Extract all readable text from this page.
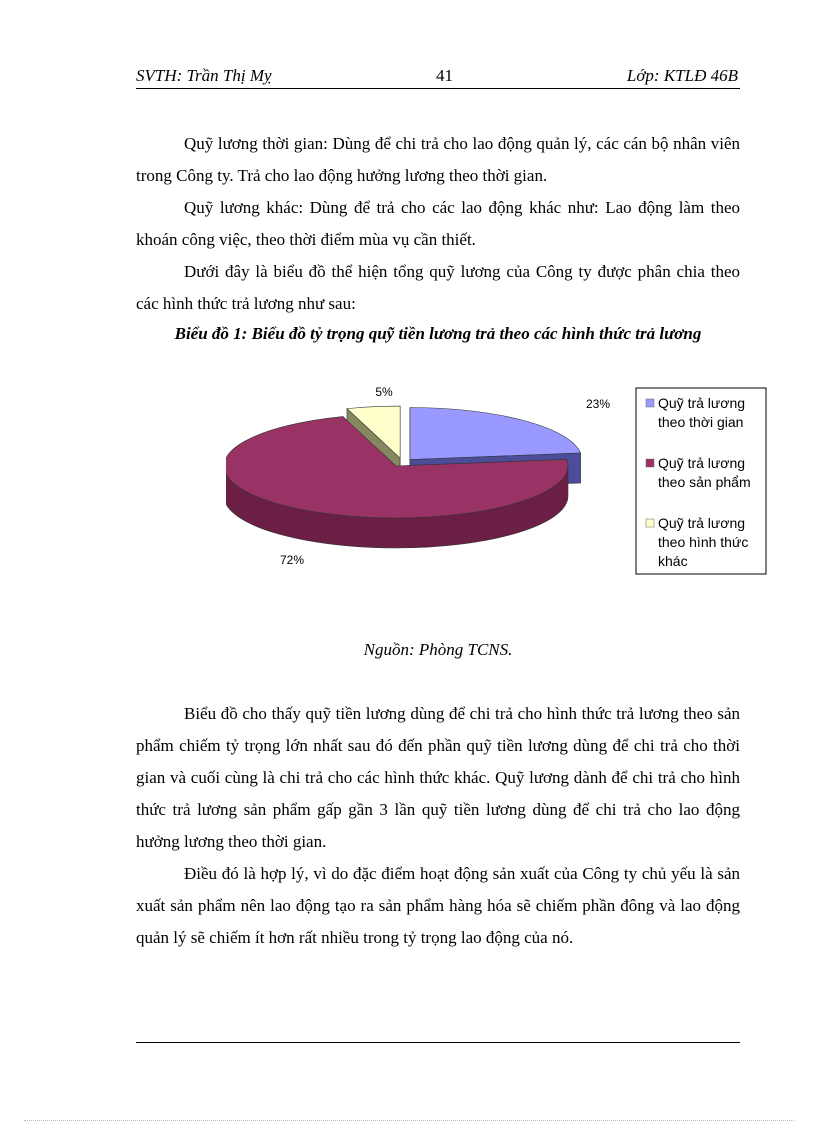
SVTH: Trần Thị Mỵ	41	Lớp: KTLĐ 46B

Quỹ lương thời gian: Dùng để chi trả cho lao động quản lý, các cán bộ nhân viên trong Công ty. Trả cho lao động hưởng lương theo thời gian.

Quỹ lương khác: Dùng để trả cho các lao động khác như: Lao động làm theo khoán công việc, theo thời điểm mùa vụ cần thiết.

Dưới đây là biểu đồ thể hiện tổng quỹ lương của Công ty được phân chia theo các hình thức trả lương như sau:

Biểu đồ 1: Biểu đồ tỷ trọng quỹ tiền lương trả theo các hình thức trả lương
23%
72%
5%
Quỹ trả lương
theo thời gian
Quỹ trả lương
theo sản phẩm
Quỹ trả lương
theo hình thức
khác
Nguồn: Phòng TCNS.

Biểu đồ cho thấy quỹ tiền lương dùng để chi trả cho hình thức trả lương theo sản phẩm chiếm tỷ trọng lớn nhất sau đó đến phần quỹ tiền lương dùng để chi trả cho thời gian và cuối cùng là chi trả cho các hình thức khác. Quỹ lương dành để chi trả cho hình thức trả lương sản phẩm gấp gần 3 lần quỹ tiền lương dùng để chi trả cho lao động hưởng lương theo thời gian.

Điều đó là hợp lý, vì do đặc điểm hoạt động sản xuất của Công ty chủ yếu là sản xuất sản phẩm nên lao động tạo ra sản phẩm hàng hóa sẽ chiếm phần đông và lao động quản lý sẽ chiếm ít hơn rất nhiều trong tỷ trọng lao động của nó.
